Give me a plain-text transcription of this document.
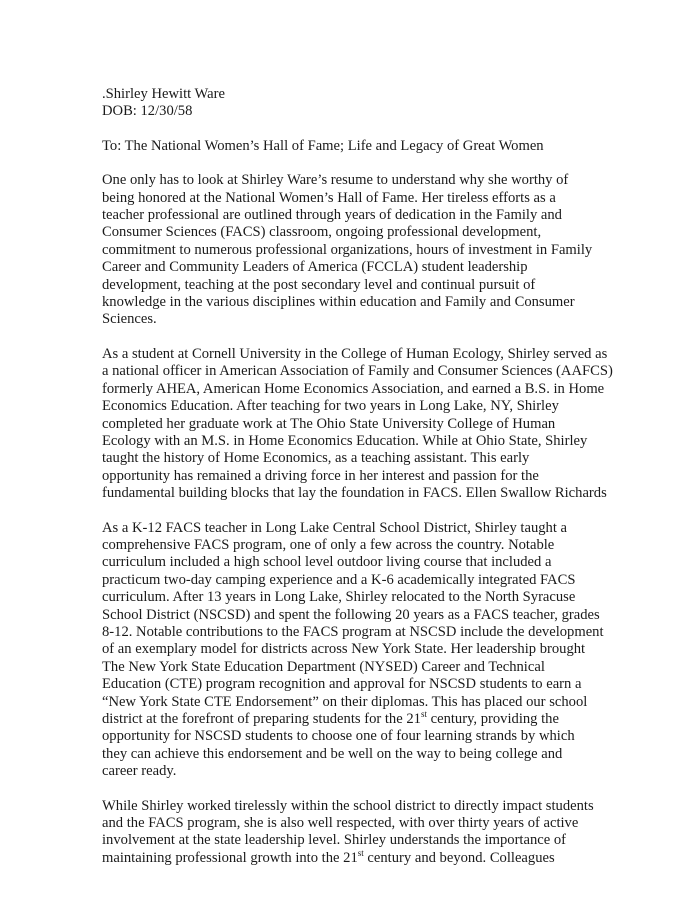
.Shirley Hewitt Ware
DOB: 12/30/58
To: The National Women’s Hall of Fame; Life and Legacy of Great Women
One only has to look at Shirley Ware’s resume to understand why she worthy of
being honored at the National Women’s Hall of Fame. Her tireless efforts as a
teacher professional are outlined through years of dedication in the Family and
Consumer Sciences (FACS) classroom, ongoing professional development,
commitment to numerous professional organizations, hours of investment in Family
Career and Community Leaders of America (FCCLA) student leadership
development, teaching at the post secondary level and continual pursuit of
knowledge in the various disciplines within education and Family and Consumer
Sciences.
As a student at Cornell University in the College of Human Ecology, Shirley served as
a national officer in American Association of Family and Consumer Sciences (AAFCS)
formerly AHEA, American Home Economics Association, and earned a B.S. in Home
Economics Education. After teaching for two years in Long Lake, NY, Shirley
completed her graduate work at The Ohio State University College of Human
Ecology with an M.S. in Home Economics Education. While at Ohio State, Shirley
taught the history of Home Economics, as a teaching assistant. This early
opportunity has remained a driving force in her interest and passion for the
fundamental building blocks that lay the foundation in FACS. Ellen Swallow Richards
As a K-12 FACS teacher in Long Lake Central School District, Shirley taught a
comprehensive FACS program, one of only a few across the country. Notable
curriculum included a high school level outdoor living course that included a
practicum two-day camping experience and a K-6 academically integrated FACS
curriculum. After 13 years in Long Lake, Shirley relocated to the North Syracuse
School District (NSCSD) and spent the following 20 years as a FACS teacher, grades
8-12. Notable contributions to the FACS program at NSCSD include the development
of an exemplary model for districts across New York State. Her leadership brought
The New York State Education Department (NYSED) Career and Technical
Education (CTE) program recognition and approval for NSCSD students to earn a
“New York State CTE Endorsement” on their diplomas. This has placed our school
district at the forefront of preparing students for the 21st century, providing the
opportunity for NSCSD students to choose one of four learning strands by which
they can achieve this endorsement and be well on the way to being college and
career ready.
While Shirley worked tirelessly within the school district to directly impact students
and the FACS program, she is also well respected, with over thirty years of active
involvement at the state leadership level. Shirley understands the importance of
maintaining professional growth into the 21st century and beyond. Colleagues
